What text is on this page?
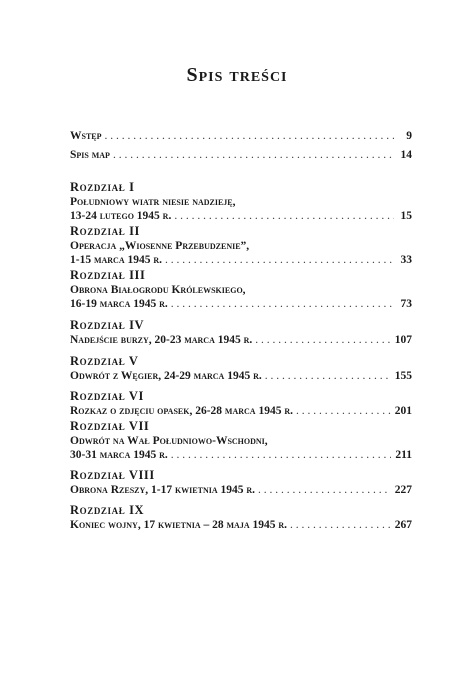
Spis treści
Wstęp . . .	9
Spis map . . .	14
Rozdział I
Południowy wiatr niesie nadzieję,
13-24 lutego 1945 r. . . .	15
Rozdział II
Operacja „Wiosenne Przebudzenie”,
1-15 marca 1945 r. . . .	33
Rozdział III
Obrona Białogrodu Królewskiego,
16-19 marca 1945 r. . . .	73
Rozdział IV
Nadejście burzy, 20-23 marca 1945 r. . . .	107
Rozdział V
Odwrót z Węgier, 24-29 marca 1945 r. . . .	155
Rozdział VI
Rozkaz o zdjęciu opasek, 26-28 marca 1945 r. . . .	201
Rozdział VII
Odwrót na Wał Południowo-Wschodni,
30-31 marca 1945 r. . . .	211
Rozdział VIII
Obrona Rzeszy, 1-17 kwietnia 1945 r. . . .	227
Rozdział IX
Koniec wojny, 17 kwietnia – 28 maja 1945 r. . . .	267
